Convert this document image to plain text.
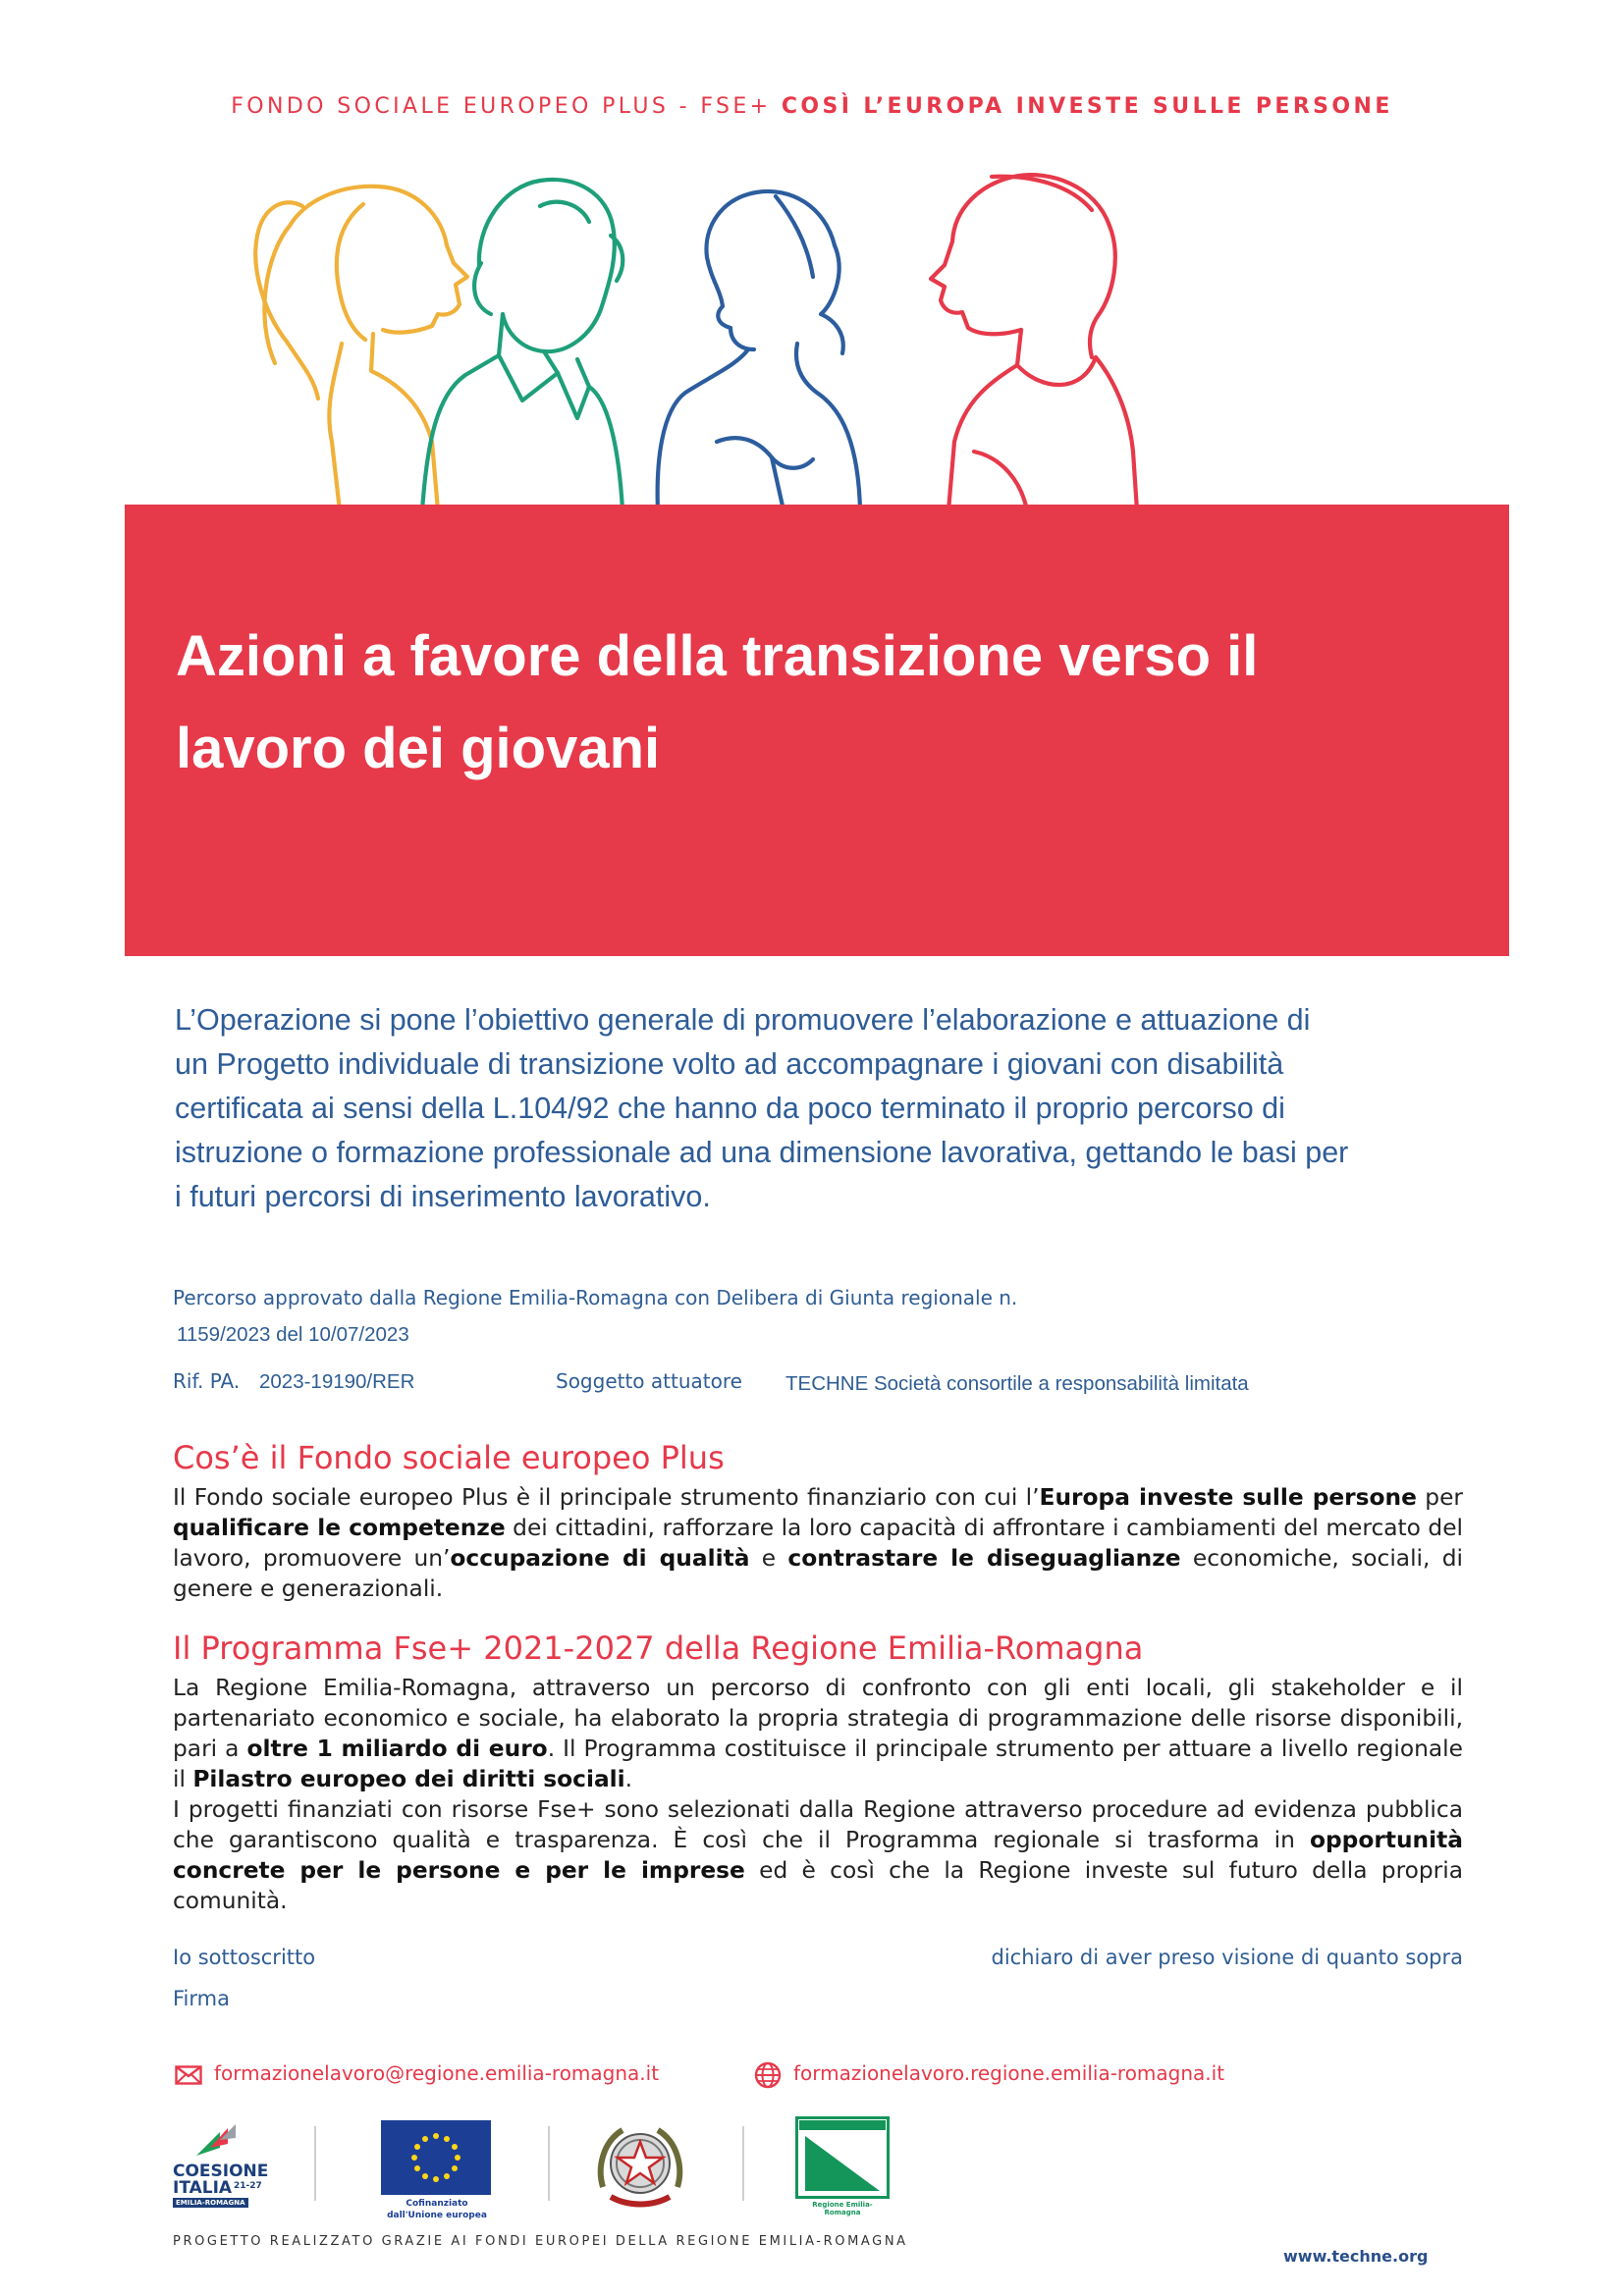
FONDO SOCIALE EUROPEO PLUS - FSE+ COSÌ L’EUROPA INVESTE SULLE PERSONE
Azioni a favore della transizione verso il
lavoro dei giovani
L’Operazione si pone l’obiettivo generale di promuovere l’elaborazione e attuazione di
un Progetto individuale di transizione volto ad accompagnare i giovani con disabilità
certificata ai sensi della L.104/92 che hanno da poco terminato il proprio percorso di
istruzione o formazione professionale ad una dimensione lavorativa, gettando le basi per
i futuri percorsi di inserimento lavorativo.
Percorso approvato dalla Regione Emilia-Romagna con Delibera di Giunta regionale n.
1159/2023 del 10/07/2023
Rif. PA. 2023-19190/RER	Soggetto attuatore TECHNE Società consortile a responsabilità limitata
Cos’è il Fondo sociale europeo Plus
Il Fondo sociale europeo Plus è il principale strumento finanziario con cui l’Europa investe sulle persone per qualificare le competenze dei cittadini, rafforzare la loro capacità di affrontare i cambiamenti del mercato del lavoro, promuovere un’occupazione di qualità e contrastare le diseguaglianze economiche, sociali, di genere e generazionali.
Il Programma Fse+ 2021-2027 della Regione Emilia-Romagna
La Regione Emilia-Romagna, attraverso un percorso di confronto con gli enti locali, gli stakeholder e il partenariato economico e sociale, ha elaborato la propria strategia di programmazione delle risorse disponibili, pari a oltre 1 miliardo di euro. Il Programma costituisce il principale strumento per attuare a livello regionale il Pilastro europeo dei diritti sociali.
I progetti finanziati con risorse Fse+ sono selezionati dalla Regione attraverso procedure ad evidenza pubblica che garantiscono qualità e trasparenza. È così che il Programma regionale si trasforma in opportunità concrete per le persone e per le imprese ed è così che la Regione investe sul futuro della propria comunità.
Io sottoscritto	dichiaro di aver preso visione di quanto sopra
Firma
formazionelavoro@regione.emilia-romagna.it	formazionelavoro.regione.emilia-romagna.it
COESIONE
ITALIA 21-27
EMILIA-ROMAGNA	Cofinanziato
dall'Unione europea
Regione Emilia-Romagna
PROGETTO REALIZZATO GRAZIE AI FONDI EUROPEI DELLA REGIONE EMILIA-ROMAGNA
www.techne.org
